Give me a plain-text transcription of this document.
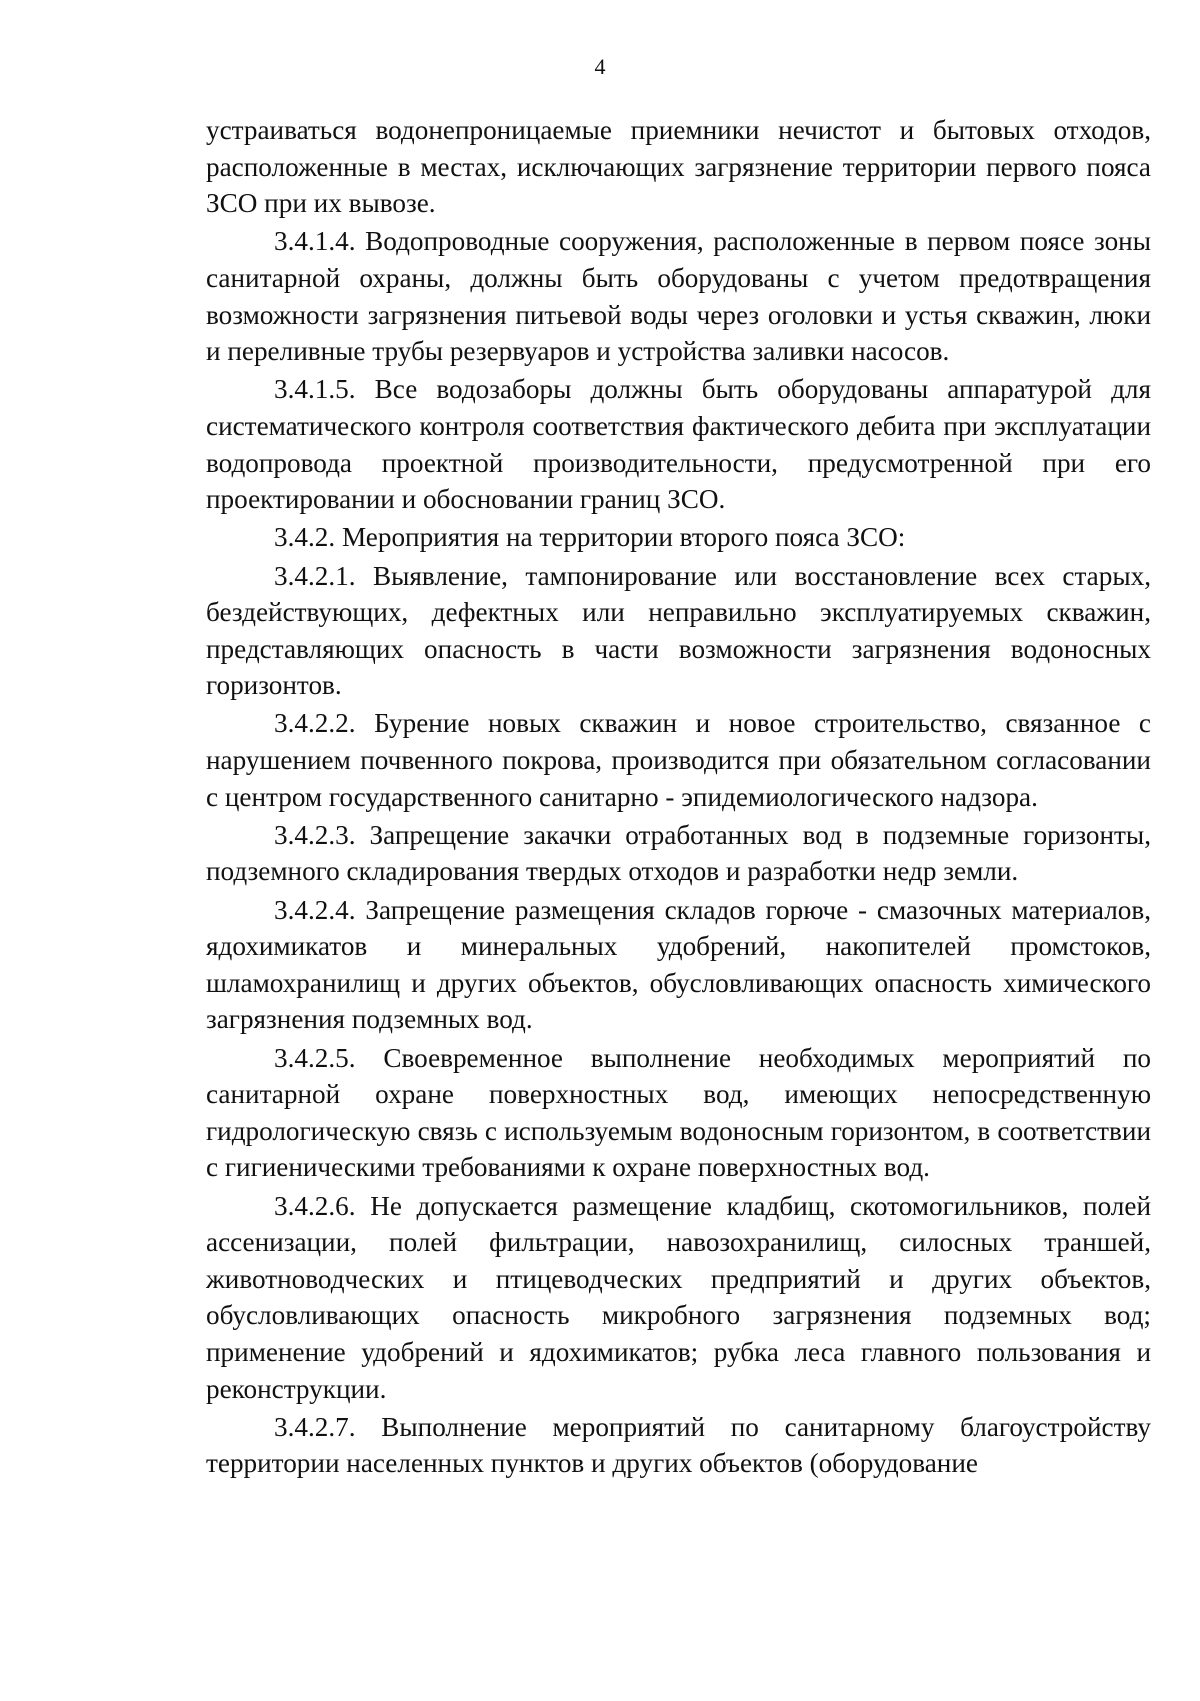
4

устраиваться водонепроницаемые приемники нечистот и бытовых отходов, расположенные в местах, исключающих загрязнение территории первого пояса ЗСО при их вывозе.

3.4.1.4. Водопроводные сооружения, расположенные в первом поясе зоны санитарной охраны, должны быть оборудованы с учетом предотвращения возможности загрязнения питьевой воды через оголовки и устья скважин, люки и переливные трубы резервуаров и устройства заливки насосов.

3.4.1.5. Все водозаборы должны быть оборудованы аппаратурой для систематического контроля соответствия фактического дебита при эксплуатации водопровода проектной производительности, предусмотренной при его проектировании и обосновании границ ЗСО.

3.4.2. Мероприятия на территории второго пояса ЗСО:

3.4.2.1. Выявление, тампонирование или восстановление всех старых, бездействующих, дефектных или неправильно эксплуатируемых скважин, представляющих опасность в части возможности загрязнения водоносных горизонтов.

3.4.2.2. Бурение новых скважин и новое строительство, связанное с нарушением почвенного покрова, производится при обязательном согласовании с центром государственного санитарно - эпидемиологического надзора.

3.4.2.3. Запрещение закачки отработанных вод в подземные горизонты, подземного складирования твердых отходов и разработки недр земли.

3.4.2.4. Запрещение размещения складов горюче - смазочных материалов, ядохимикатов и минеральных удобрений, накопителей промстоков, шламохранилищ и других объектов, обусловливающих опасность химического загрязнения подземных вод.

3.4.2.5. Своевременное выполнение необходимых мероприятий по санитарной охране поверхностных вод, имеющих непосредственную гидрологическую связь с используемым водоносным горизонтом, в соответствии с гигиеническими требованиями к охране поверхностных вод.

3.4.2.6. Не допускается размещение кладбищ, скотомогильников, полей ассенизации, полей фильтрации, навозохранилищ, силосных траншей, животноводческих и птицеводческих предприятий и других объектов, обусловливающих опасность микробного загрязнения подземных вод; применение удобрений и ядохимикатов; рубка леса главного пользования и реконструкции.

3.4.2.7. Выполнение мероприятий по санитарному благоустройству территории населенных пунктов и других объектов (оборудование
